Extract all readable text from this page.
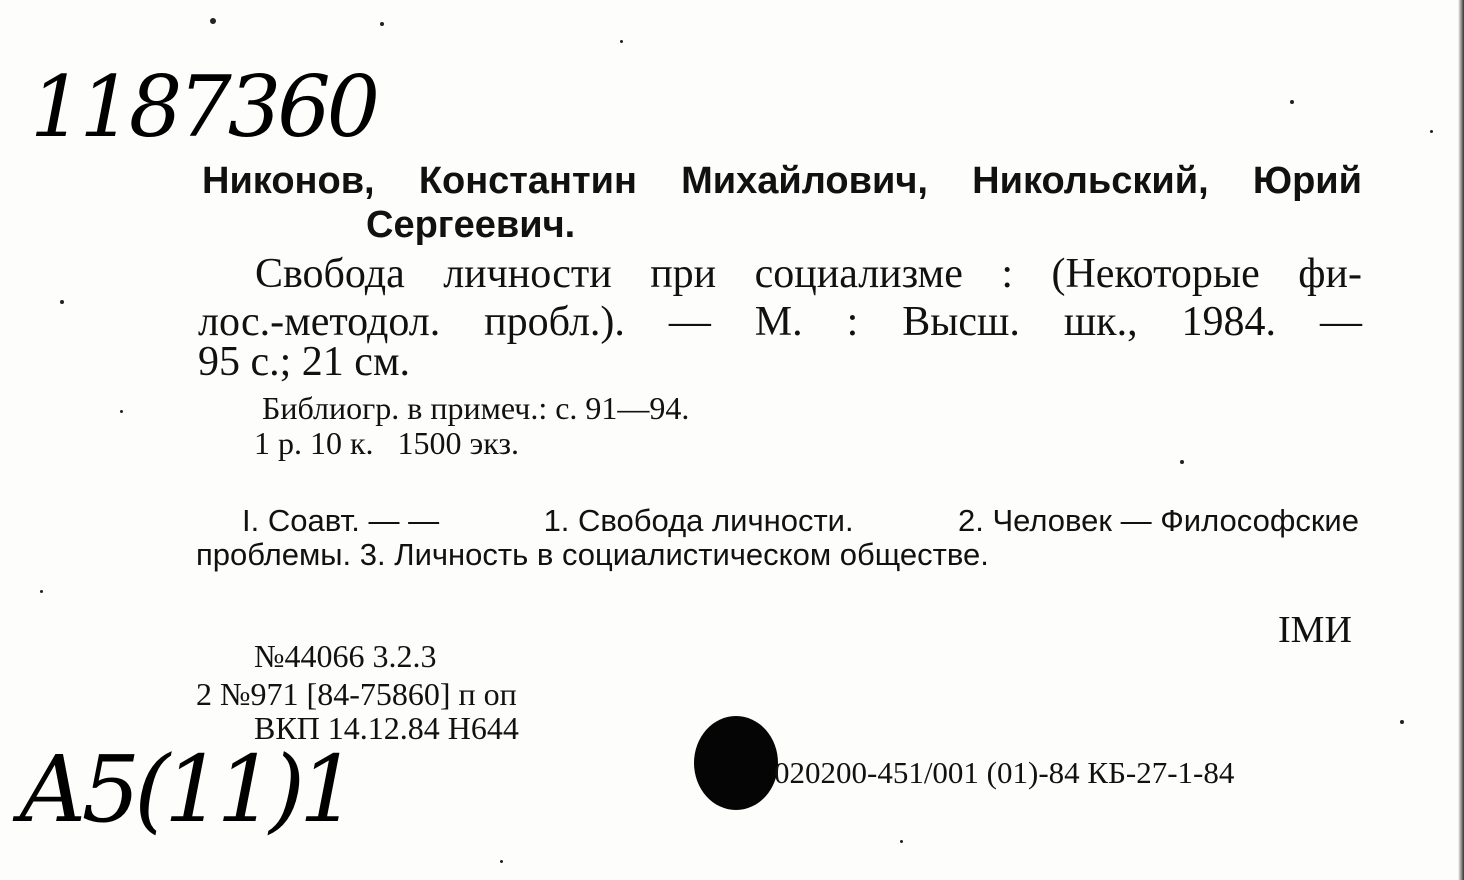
1187360
Никонов, Константин Михайлович, Никольский, Юрий
Сергеевич.
Свобода личности при социализме : (Некоторые фи-
лос.-методол. пробл.). — М. : Высш. шк., 1984. —
95 с.; 21 см.
Библиогр. в примеч.: с. 91—94.
1 р. 10 к.   1500 экз.
I. Соавт. — —	1. Свобода личности.	2. Человек — Философские
проблемы. 3. Личность в социалистическом обществе.
IМИ
№44066 3.2.3
2 №971 [84-75860] п оп
ВКП 14.12.84 Н644
020200-451/001 (01)-84 КБ-27-1-84
А5(11)1
